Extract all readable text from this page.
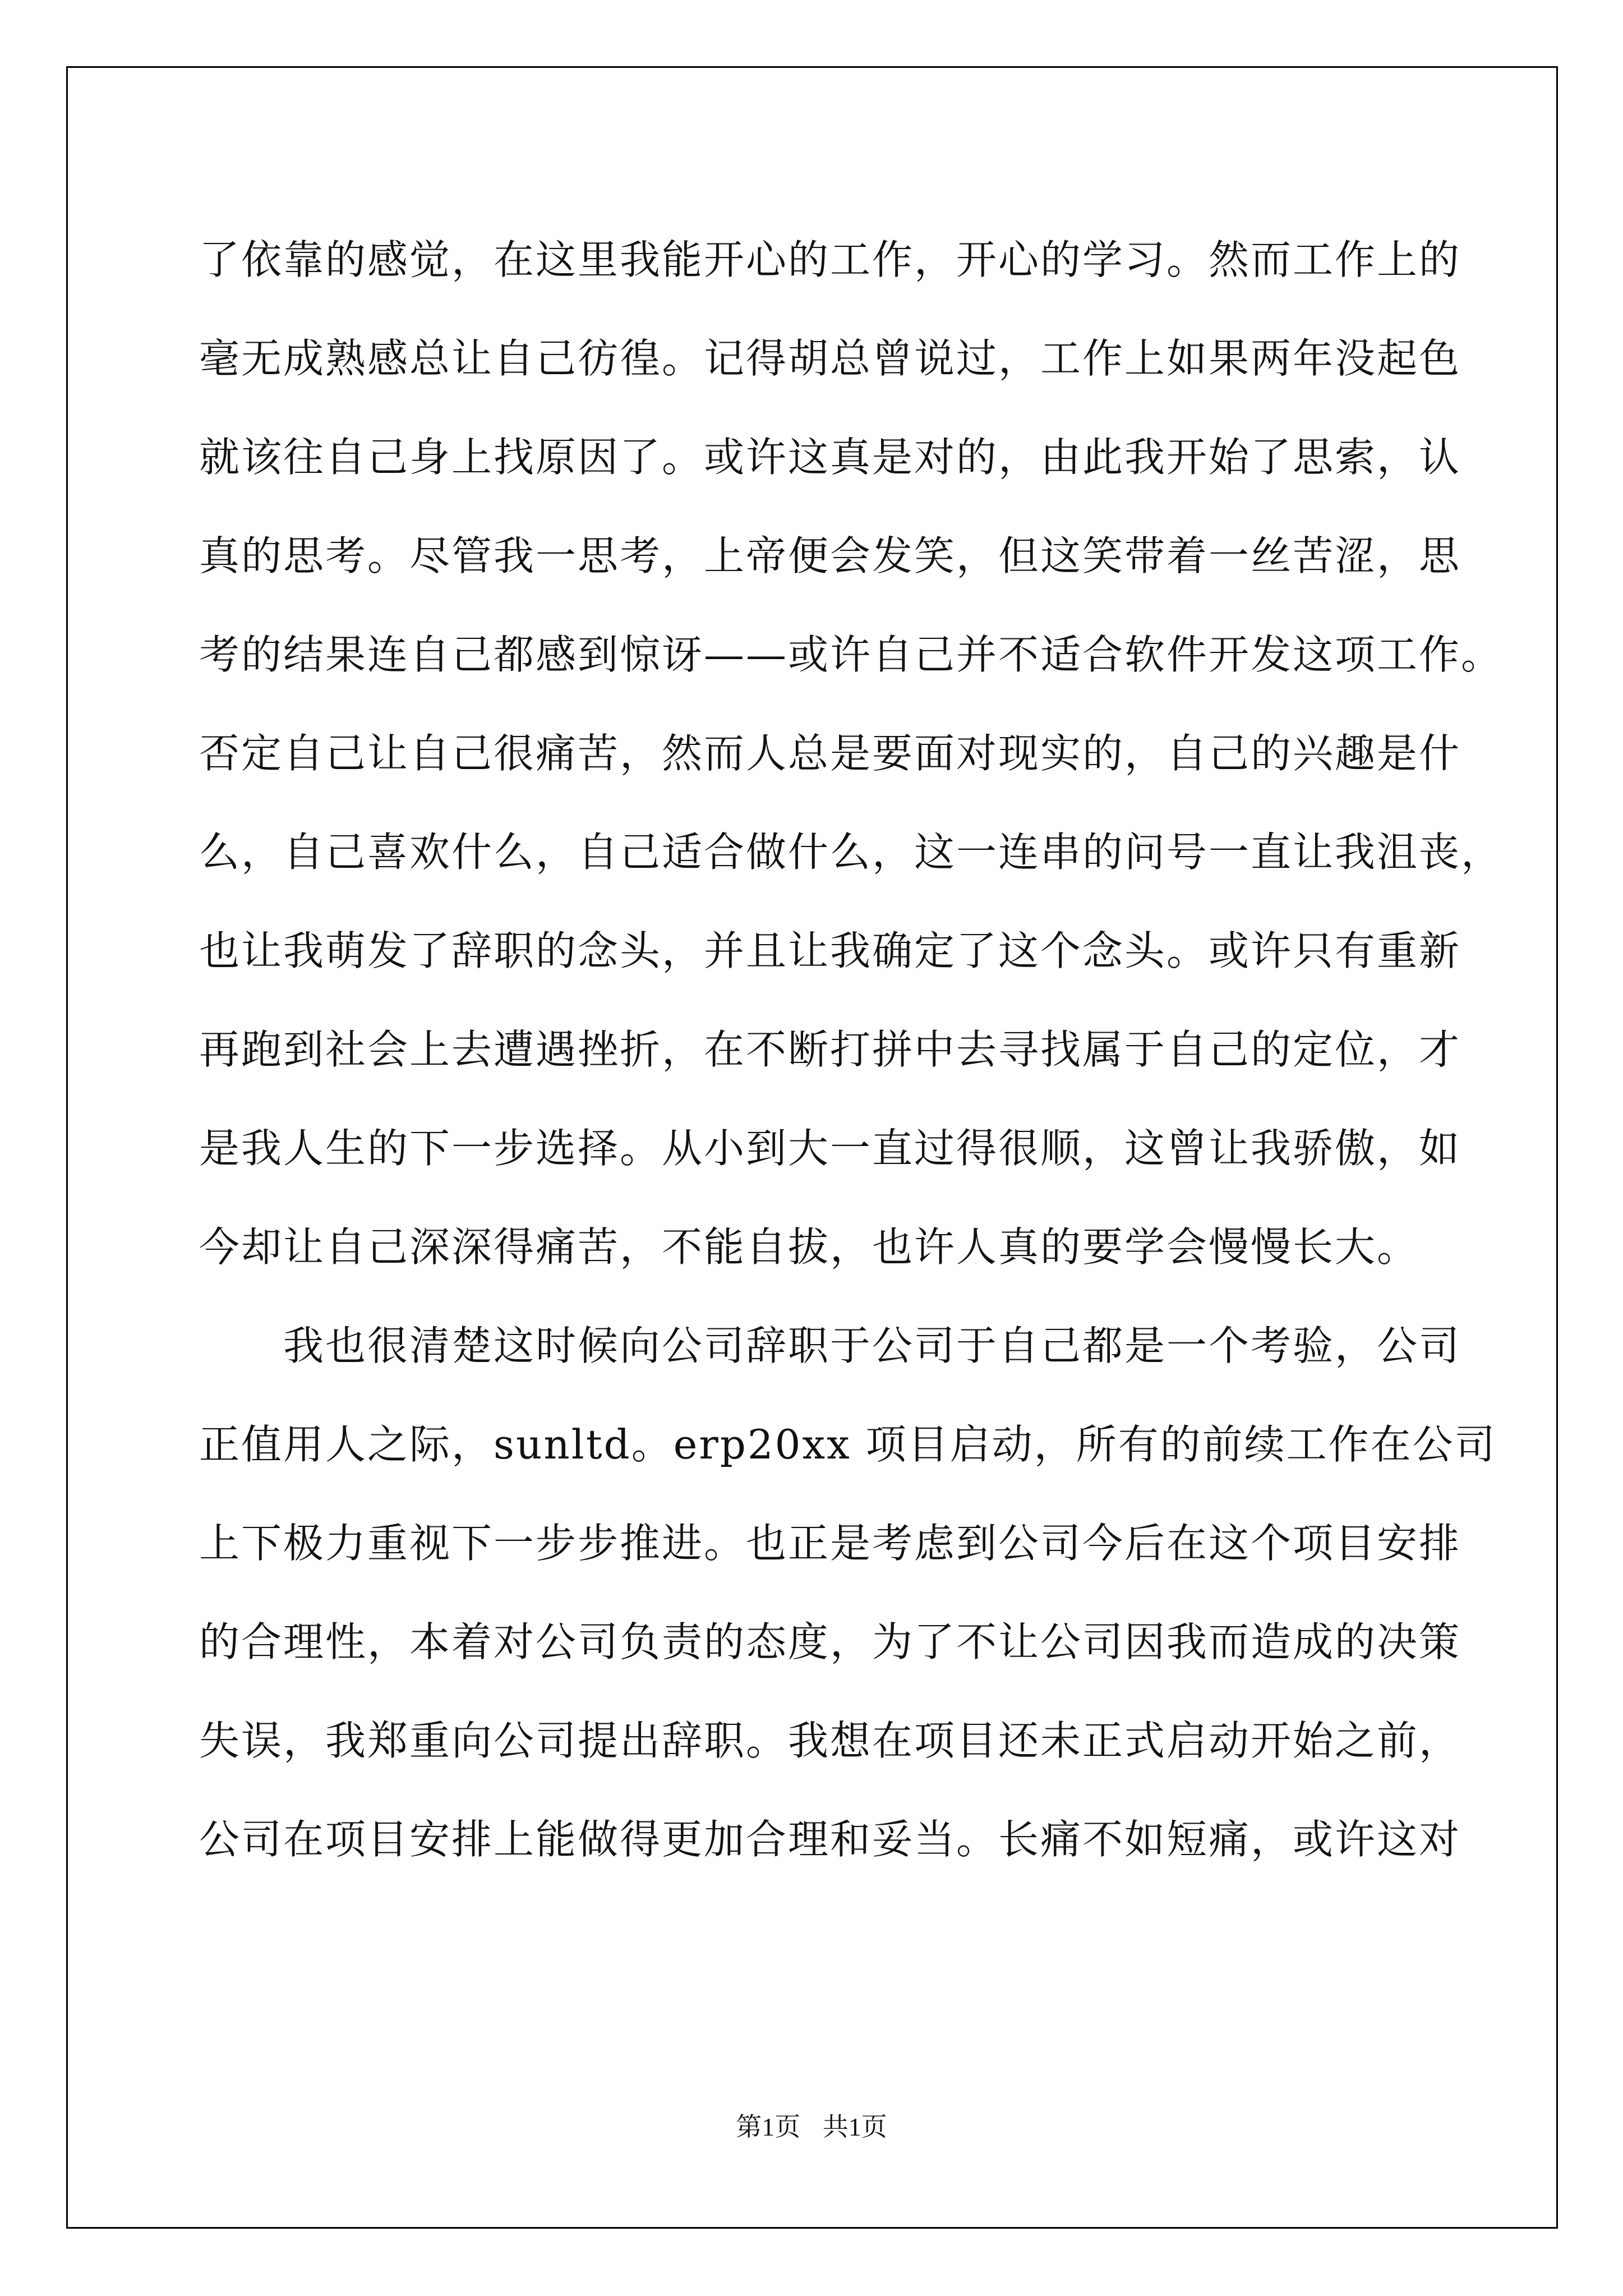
了依靠的感觉，在这里我能开心的工作，开心的学习。然而工作上的
毫无成熟感总让自己彷徨。记得胡总曾说过，工作上如果两年没起色
就该往自己身上找原因了。或许这真是对的，由此我开始了思索，认
真的思考。尽管我一思考，上帝便会发笑，但这笑带着一丝苦涩，思
考的结果连自己都感到惊讶——或许自己并不适合软件开发这项工作。
否定自己让自己很痛苦，然而人总是要面对现实的，自己的兴趣是什
么，自己喜欢什么，自己适合做什么，这一连串的问号一直让我沮丧，
也让我萌发了辞职的念头，并且让我确定了这个念头。或许只有重新
再跑到社会上去遭遇挫折，在不断打拼中去寻找属于自己的定位，才
是我人生的下一步选择。从小到大一直过得很顺，这曾让我骄傲，如
今却让自己深深得痛苦，不能自拔，也许人真的要学会慢慢长大。
我也很清楚这时候向公司辞职于公司于自己都是一个考验，公司
正值用人之际，sunltd。erp20xx 项目启动，所有的前续工作在公司
上下极力重视下一步步推进。也正是考虑到公司今后在这个项目安排
的合理性，本着对公司负责的态度，为了不让公司因我而造成的决策
失误，我郑重向公司提出辞职。我想在项目还未正式启动开始之前，
公司在项目安排上能做得更加合理和妥当。长痛不如短痛，或许这对
第1页 共1页
